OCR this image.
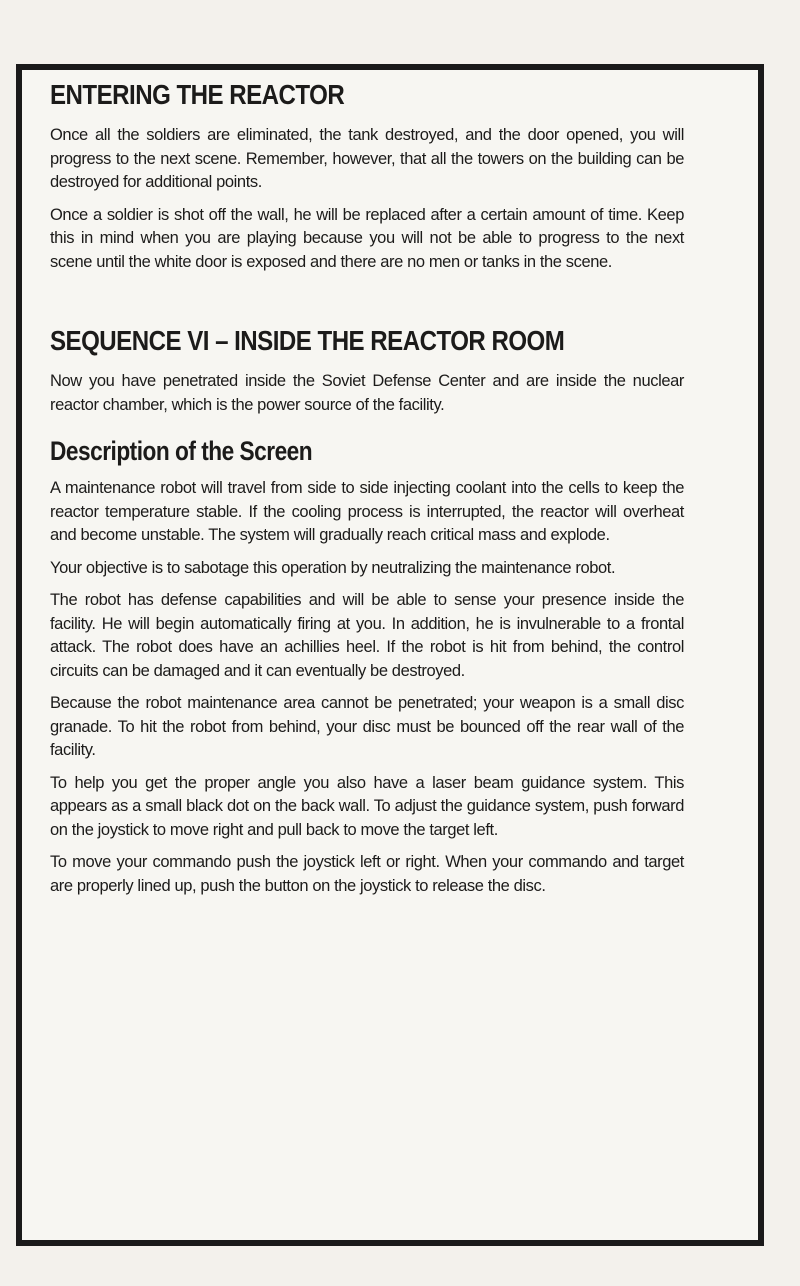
ENTERING THE REACTOR

Once all the soldiers are eliminated, the tank destroyed, and the door opened, you will progress to the next scene. Remember, however, that all the towers on the building can be destroyed for additional points.

Once a soldier is shot off the wall, he will be replaced after a certain amount of time. Keep this in mind when you are playing because you will not be able to progress to the next scene until the white door is exposed and there are no men or tanks in the scene.

SEQUENCE VI – INSIDE THE REACTOR ROOM

Now you have penetrated inside the Soviet Defense Center and are inside the nuclear reactor chamber, which is the power source of the facility.

Description of the Screen

A maintenance robot will travel from side to side injecting coolant into the cells to keep the reactor temperature stable. If the cooling process is interrupted, the reactor will overheat and become unstable. The system will gradually reach critical mass and explode.

Your objective is to sabotage this operation by neutralizing the maintenance robot.

The robot has defense capabilities and will be able to sense your presence inside the facility. He will begin automatically firing at you. In addition, he is invulnerable to a frontal attack. The robot does have an achillies heel. If the robot is hit from behind, the control circuits can be damaged and it can eventually be destroyed.

Because the robot maintenance area cannot be penetrated; your weapon is a small disc granade. To hit the robot from behind, your disc must be bounced off the rear wall of the facility.

To help you get the proper angle you also have a laser beam guidance system. This appears as a small black dot on the back wall. To adjust the guidance system, push forward on the joystick to move right and pull back to move the target left.

To move your commando push the joystick left or right. When your commando and target are properly lined up, push the button on the joystick to release the disc.
